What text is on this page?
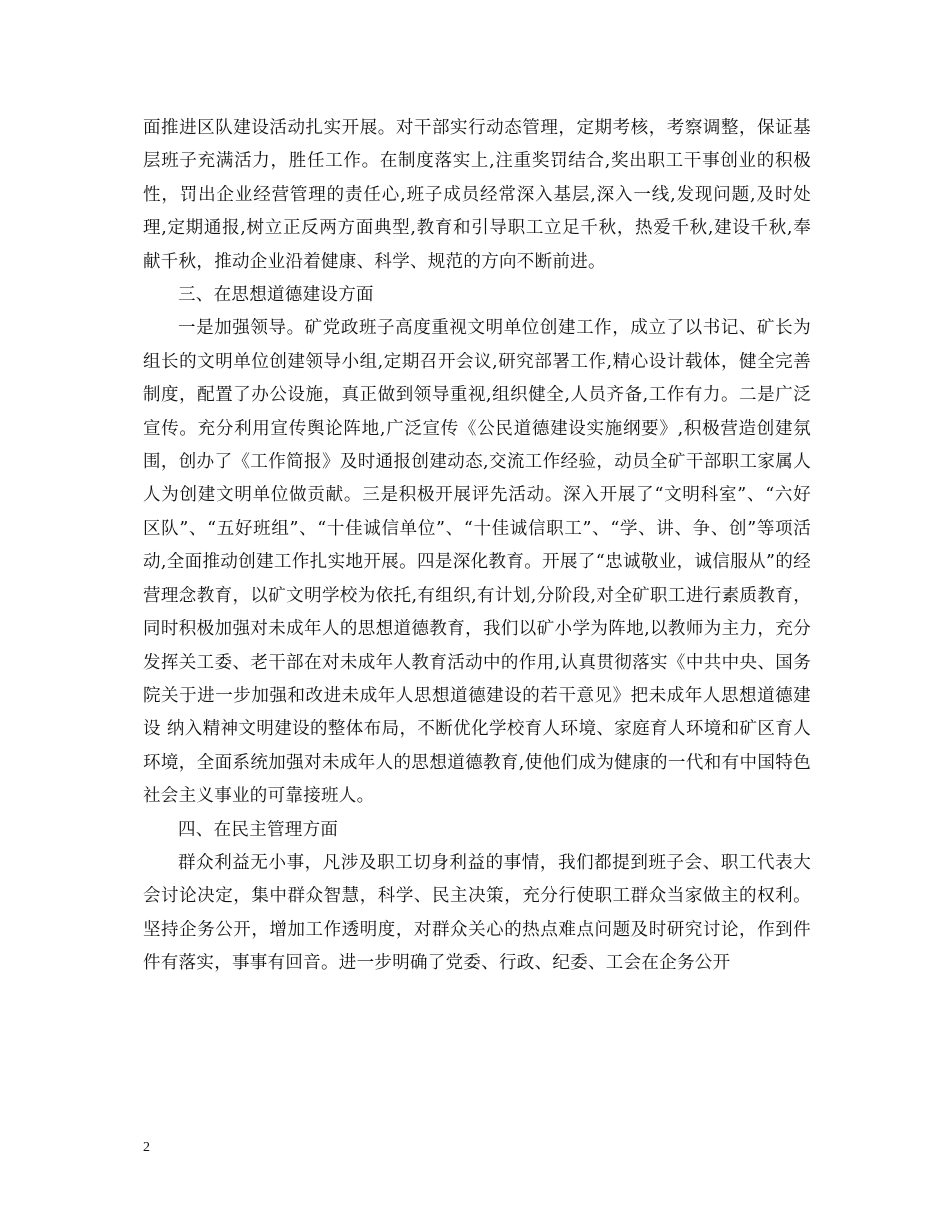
面推进区队建设活动扎实开展。对干部实行动态管理，定期考核，考察调整，保证基层班子充满活力，胜任工作。在制度落实上,注重奖罚结合,奖出职工干事创业的积极性，罚出企业经营管理的责任心,班子成员经常深入基层,深入一线,发现问题,及时处理,定期通报,树立正反两方面典型,教育和引导职工立足千秋，热爱千秋,建设千秋,奉献千秋，推动企业沿着健康、科学、规范的方向不断前进。

三、在思想道德建设方面

一是加强领导。矿党政班子高度重视文明单位创建工作，成立了以书记、矿长为组长的文明单位创建领导小组,定期召开会议,研究部署工作,精心设计载体，健全完善制度，配置了办公设施，真正做到领导重视,组织健全,人员齐备,工作有力。二是广泛宣传。充分利用宣传舆论阵地,广泛宣传《公民道德建设实施纲要》,积极营造创建氛围，创办了《工作简报》及时通报创建动态,交流工作经验，动员全矿干部职工家属人人为创建文明单位做贡献。三是积极开展评先活动。深入开展了“文明科室”、“六好区队”、“五好班组”、“十佳诚信单位”、“十佳诚信职工”、“学、讲、争、创”等项活动,全面推动创建工作扎实地开展。四是深化教育。开展了“忠诚敬业，诚信服从”的经营理念教育，以矿文明学校为依托,有组织,有计划,分阶段,对全矿职工进行素质教育，同时积极加强对未成年人的思想道德教育，我们以矿小学为阵地,以教师为主力，充分发挥关工委、老干部在对未成年人教育活动中的作用,认真贯彻落实《中共中央、国务院关于进一步加强和改进未成年人思想道德建设的若干意见》把未成年人思想道德建设 纳入精神文明建设的整体布局，不断优化学校育人环境、家庭育人环境和矿区育人环境，全面系统加强对未成年人的思想道德教育,使他们成为健康的一代和有中国特色社会主义事业的可靠接班人。

四、在民主管理方面

群众利益无小事，凡涉及职工切身利益的事情，我们都提到班子会、职工代表大会讨论决定，集中群众智慧，科学、民主决策，充分行使职工群众当家做主的权利。坚持企务公开，增加工作透明度，对群众关心的热点难点问题及时研究讨论，作到件件有落实，事事有回音。进一步明确了党委、行政、纪委、工会在企务公开

2
